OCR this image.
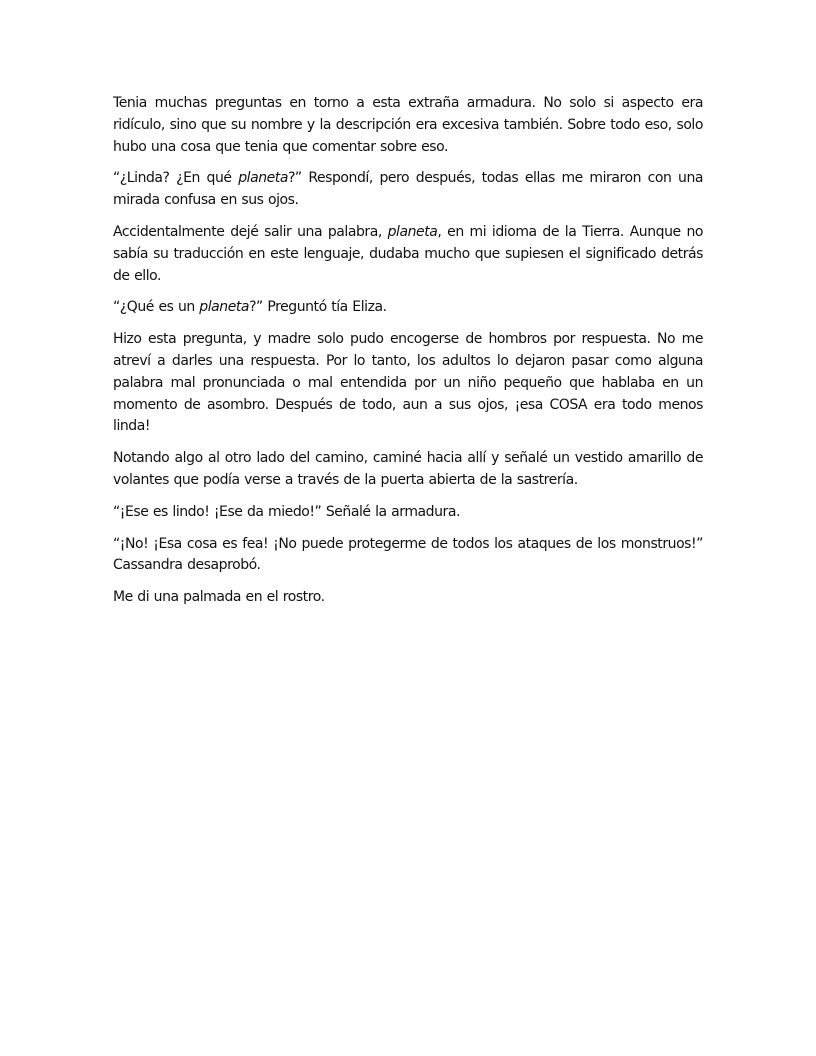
Tenia muchas preguntas en torno a esta extraña armadura. No solo si aspecto era ridículo, sino que su nombre y la descripción era excesiva también. Sobre todo eso, solo hubo una cosa que tenia que comentar sobre eso.

“¿Linda? ¿En qué planeta?” Respondí, pero después, todas ellas me miraron con una mirada confusa en sus ojos.

Accidentalmente dejé salir una palabra, planeta, en mi idioma de la Tierra. Aunque no sabía su traducción en este lenguaje, dudaba mucho que supiesen el significado detrás de ello.

“¿Qué es un planeta?” Preguntó tía Eliza.

Hizo esta pregunta, y madre solo pudo encogerse de hombros por respuesta. No me atreví a darles una respuesta. Por lo tanto, los adultos lo dejaron pasar como alguna palabra mal pronunciada o mal entendida por un niño pequeño que hablaba en un momento de asombro. Después de todo, aun a sus ojos, ¡esa COSA era todo menos linda!

Notando algo al otro lado del camino, caminé hacia allí y señalé un vestido amarillo de volantes que podía verse a través de la puerta abierta de la sastrería.

“¡Ese es lindo! ¡Ese da miedo!” Señalé la armadura.

“¡No! ¡Esa cosa es fea! ¡No puede protegerme de todos los ataques de los monstruos!” Cassandra desaprobó.

Me di una palmada en el rostro.
